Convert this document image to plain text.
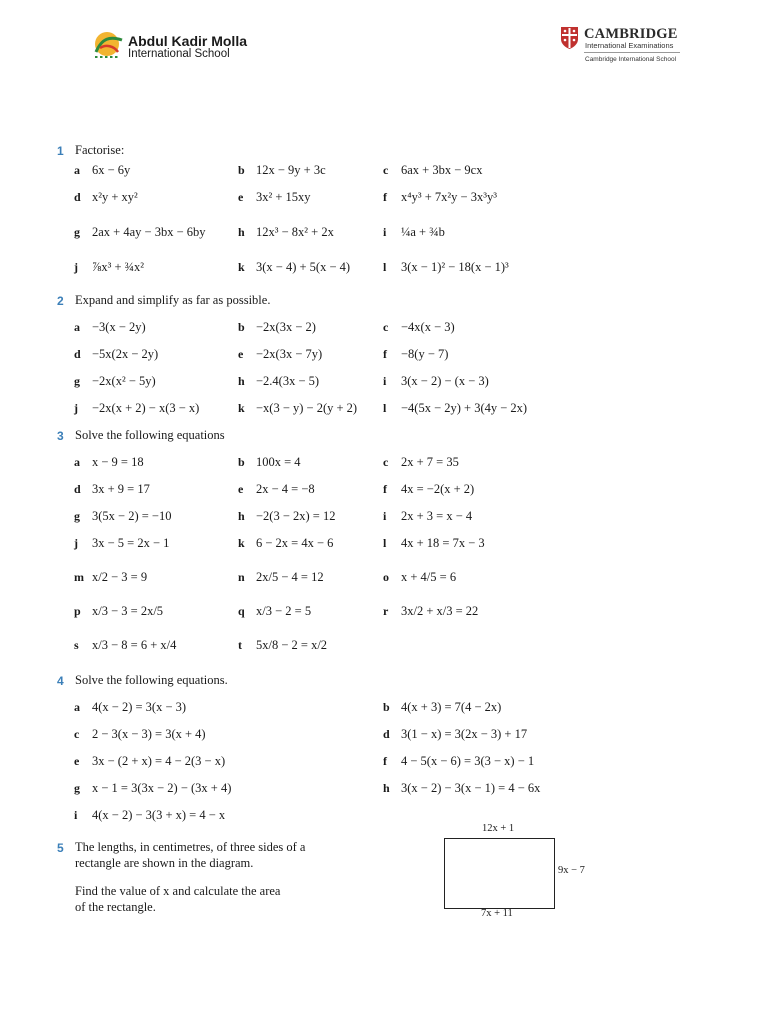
Abdul Kadir Molla
International School
CAMBRIDGE
International Examinations
Cambridge International School
1 Factorise:
a 6x − 6y	b 12x − 9y + 3c	c 6ax + 3bx − 9cx
d x²y + xy²	e 3x² + 15xy	f x⁴y³ + 7x²y − 3x³y³
g 2ax + 4ay − 3bx − 6by	h 12x³ − 8x² + 2x	i ¼a + ¾b
j ⅞x³ + ¾x²	k 3(x − 4) + 5(x − 4)	l 3(x − 1)² − 18(x − 1)³
2 Expand and simplify as far as possible.
a −3(x − 2y)	b −2x(3x − 2)	c −4x(x − 3)
d −5x(2x − 2y)	e −2x(3x − 7y)	f −8(y − 7)
g −2x(x² − 5y)	h −2.4(3x − 5)	i 3(x − 2) − (x − 3)
j −2x(x + 2) − x(3 − x)	k −x(3 − y) − 2(y + 2) l −4(5x − 2y) + 3(4y − 2x)
3 Solve the following equations
a x − 9 = 18	b 100x = 4	c 2x + 7 = 35
d 3x + 9 = 17	e 2x − 4 = −8	f 4x = −2(x + 2)
g 3(5x − 2) = −10	h −2(3 − 2x) = 12	i 2x + 3 = x − 4
j 3x − 5 = 2x − 1	k 6 − 2x = 4x − 6	l 4x + 18 = 7x − 3
m x/2 − 3 = 9	n 2x/5 − 4 = 12	o x + 4/5 = 6
p x/3 − 3 = 2x/5	q x/3 − 2 = 5	r 3x/2 + x/3 = 22
s x/3 − 8 = 6 + x/4	t 5x/8 − 2 = x/2
4 Solve the following equations.
a 4(x − 2) = 3(x − 3)	b 4(x + 3) = 7(4 − 2x)
c 2 − 3(x − 3) = 3(x + 4)	d 3(1 − x) = 3(2x − 3) + 17
e 3x − (2 + x) = 4 − 2(3 − x)	f 4 − 5(x − 6) = 3(3 − x) − 1
g x − 1 = 3(3x − 2) − (3x + 4)	h 3(x − 2) − 3(x − 1) = 4 − 6x
i 4(x − 2) − 3(3 + x) = 4 − x
5 The lengths, in centimetres, of three sides of a
rectangle are shown in the diagram.
Find the value of x and calculate the area
of the rectangle.
12x + 1
9x − 7
7x + 11
